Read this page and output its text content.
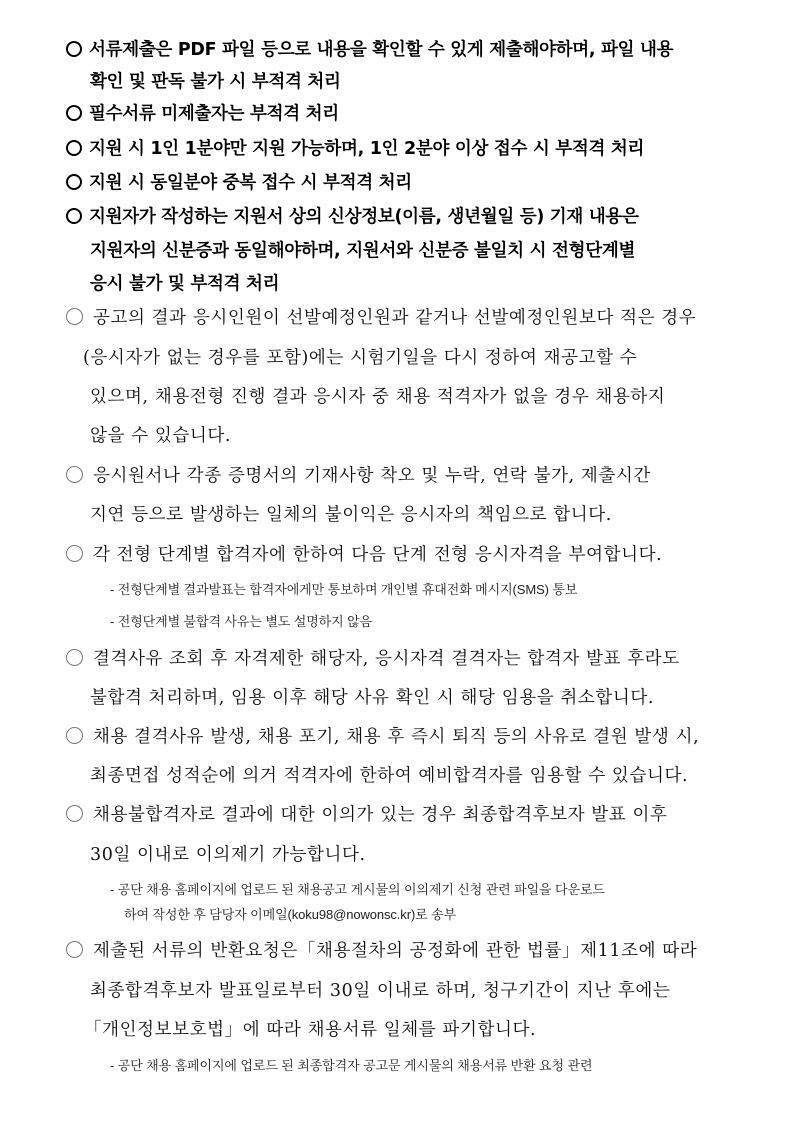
서류제출은 PDF 파일 등으로 내용을 확인할 수 있게 제출해야하며, 파일 내용
확인 및 판독 불가 시 부적격 처리
필수서류 미제출자는 부적격 처리
지원 시 1인 1분야만 지원 가능하며, 1인 2분야 이상 접수 시 부적격 처리
지원 시 동일분야 중복 접수 시 부적격 처리
지원자가 작성하는 지원서 상의 신상정보(이름, 생년월일 등) 기재 내용은
지원자의 신분증과 동일해야하며, 지원서와 신분증 불일치 시 전형단계별
응시 불가 및 부적격 처리
공고의 결과 응시인원이 선발예정인원과 같거나 선발예정인원보다 적은 경우
(응시자가 없는 경우를 포함)에는 시험기일을 다시 정하여 재공고할 수
있으며, 채용전형 진행 결과 응시자 중 채용 적격자가 없을 경우 채용하지
않을 수 있습니다.
응시원서나 각종 증명서의 기재사항 착오 및 누락, 연락 불가, 제출시간
지연 등으로 발생하는 일체의 불이익은 응시자의 책임으로 합니다.
각 전형 단계별 합격자에 한하여 다음 단계 전형 응시자격을 부여합니다.
- 전형단계별 결과발표는 합격자에게만 통보하며 개인별 휴대전화 메시지(SMS) 통보
- 전형단계별 불합격 사유는 별도 설명하지 않음
결격사유 조회 후 자격제한 해당자, 응시자격 결격자는 합격자 발표 후라도
불합격 처리하며, 임용 이후 해당 사유 확인 시 해당 임용을 취소합니다.
채용 결격사유 발생, 채용 포기, 채용 후 즉시 퇴직 등의 사유로 결원 발생 시,
최종면접 성적순에 의거 적격자에 한하여 예비합격자를 임용할 수 있습니다.
채용불합격자로 결과에 대한 이의가 있는 경우 최종합격후보자 발표 이후
30일 이내로 이의제기 가능합니다.
- 공단 채용 홈페이지에 업로드 된 채용공고 게시물의 이의제기 신청 관련 파일을 다운로드
하여 작성한 후 담당자 이메일(koku98@nowonsc.kr)로 송부
제출된 서류의 반환요청은「채용절차의 공정화에 관한 법률」제11조에 따라
최종합격후보자 발표일로부터 30일 이내로 하며, 청구기간이 지난 후에는
「개인정보보호법」에 따라 채용서류 일체를 파기합니다.
- 공단 채용 홈페이지에 업로드 된 최종합격자 공고문 게시물의 채용서류 반환 요청 관련
